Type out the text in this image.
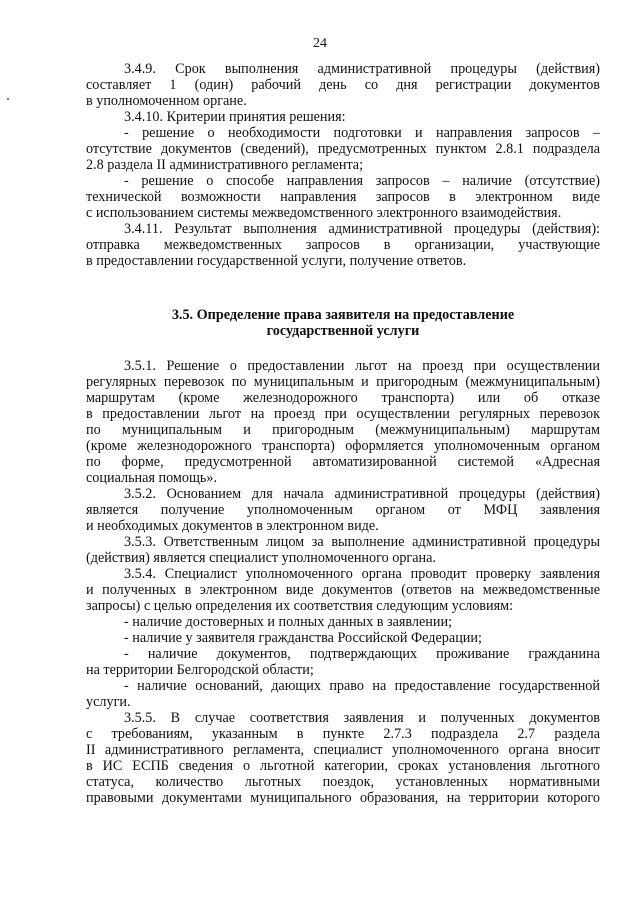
24
3.4.9. Срок выполнения административной процедуры (действия)
составляет 1 (один) рабочий день со дня регистрации документов
в уполномоченном органе.
3.4.10. Критерии принятия решения:
- решение о необходимости подготовки и направления запросов –
отсутствие документов (сведений), предусмотренных пунктом 2.8.1 подраздела
2.8 раздела II административного регламента;
- решение о способе направления запросов – наличие (отсутствие)
технической возможности направления запросов в электронном виде
с использованием системы межведомственного электронного взаимодействия.
3.4.11. Результат выполнения административной процедуры (действия):
отправка межведомственных запросов в организации, участвующие
в предоставлении государственной услуги, получение ответов.
3.5. Определение права заявителя на предоставление
государственной услуги
3.5.1. Решение о предоставлении льгот на проезд при осуществлении
регулярных перевозок по муниципальным и пригородным (межмуниципальным)
маршрутам (кроме железнодорожного транспорта) или об отказе
в предоставлении льгот на проезд при осуществлении регулярных перевозок
по муниципальным и пригородным (межмуниципальным) маршрутам
(кроме железнодорожного транспорта) оформляется уполномоченным органом
по форме, предусмотренной автоматизированной системой «Адресная
социальная помощь».
3.5.2. Основанием для начала административной процедуры (действия)
является получение уполномоченным органом от МФЦ заявления
и необходимых документов в электронном виде.
3.5.3. Ответственным лицом за выполнение административной процедуры
(действия) является специалист уполномоченного органа.
3.5.4. Специалист уполномоченного органа проводит проверку заявления
и полученных в электронном виде документов (ответов на межведомственные
запросы) с целью определения их соответствия следующим условиям:
- наличие достоверных и полных данных в заявлении;
- наличие у заявителя гражданства Российской Федерации;
- наличие документов, подтверждающих проживание гражданина
на территории Белгородской области;
- наличие оснований, дающих право на предоставление государственной
услуги.
3.5.5. В случае соответствия заявления и полученных документов
с требованиям, указанным в пункте 2.7.3 подраздела 2.7 раздела
II административного регламента, специалист уполномоченного органа вносит
в ИС ЕСПБ сведения о льготной категории, сроках установления льготного
статуса, количество льготных поездок, установленных нормативными
правовыми документами муниципального образования, на территории которого
